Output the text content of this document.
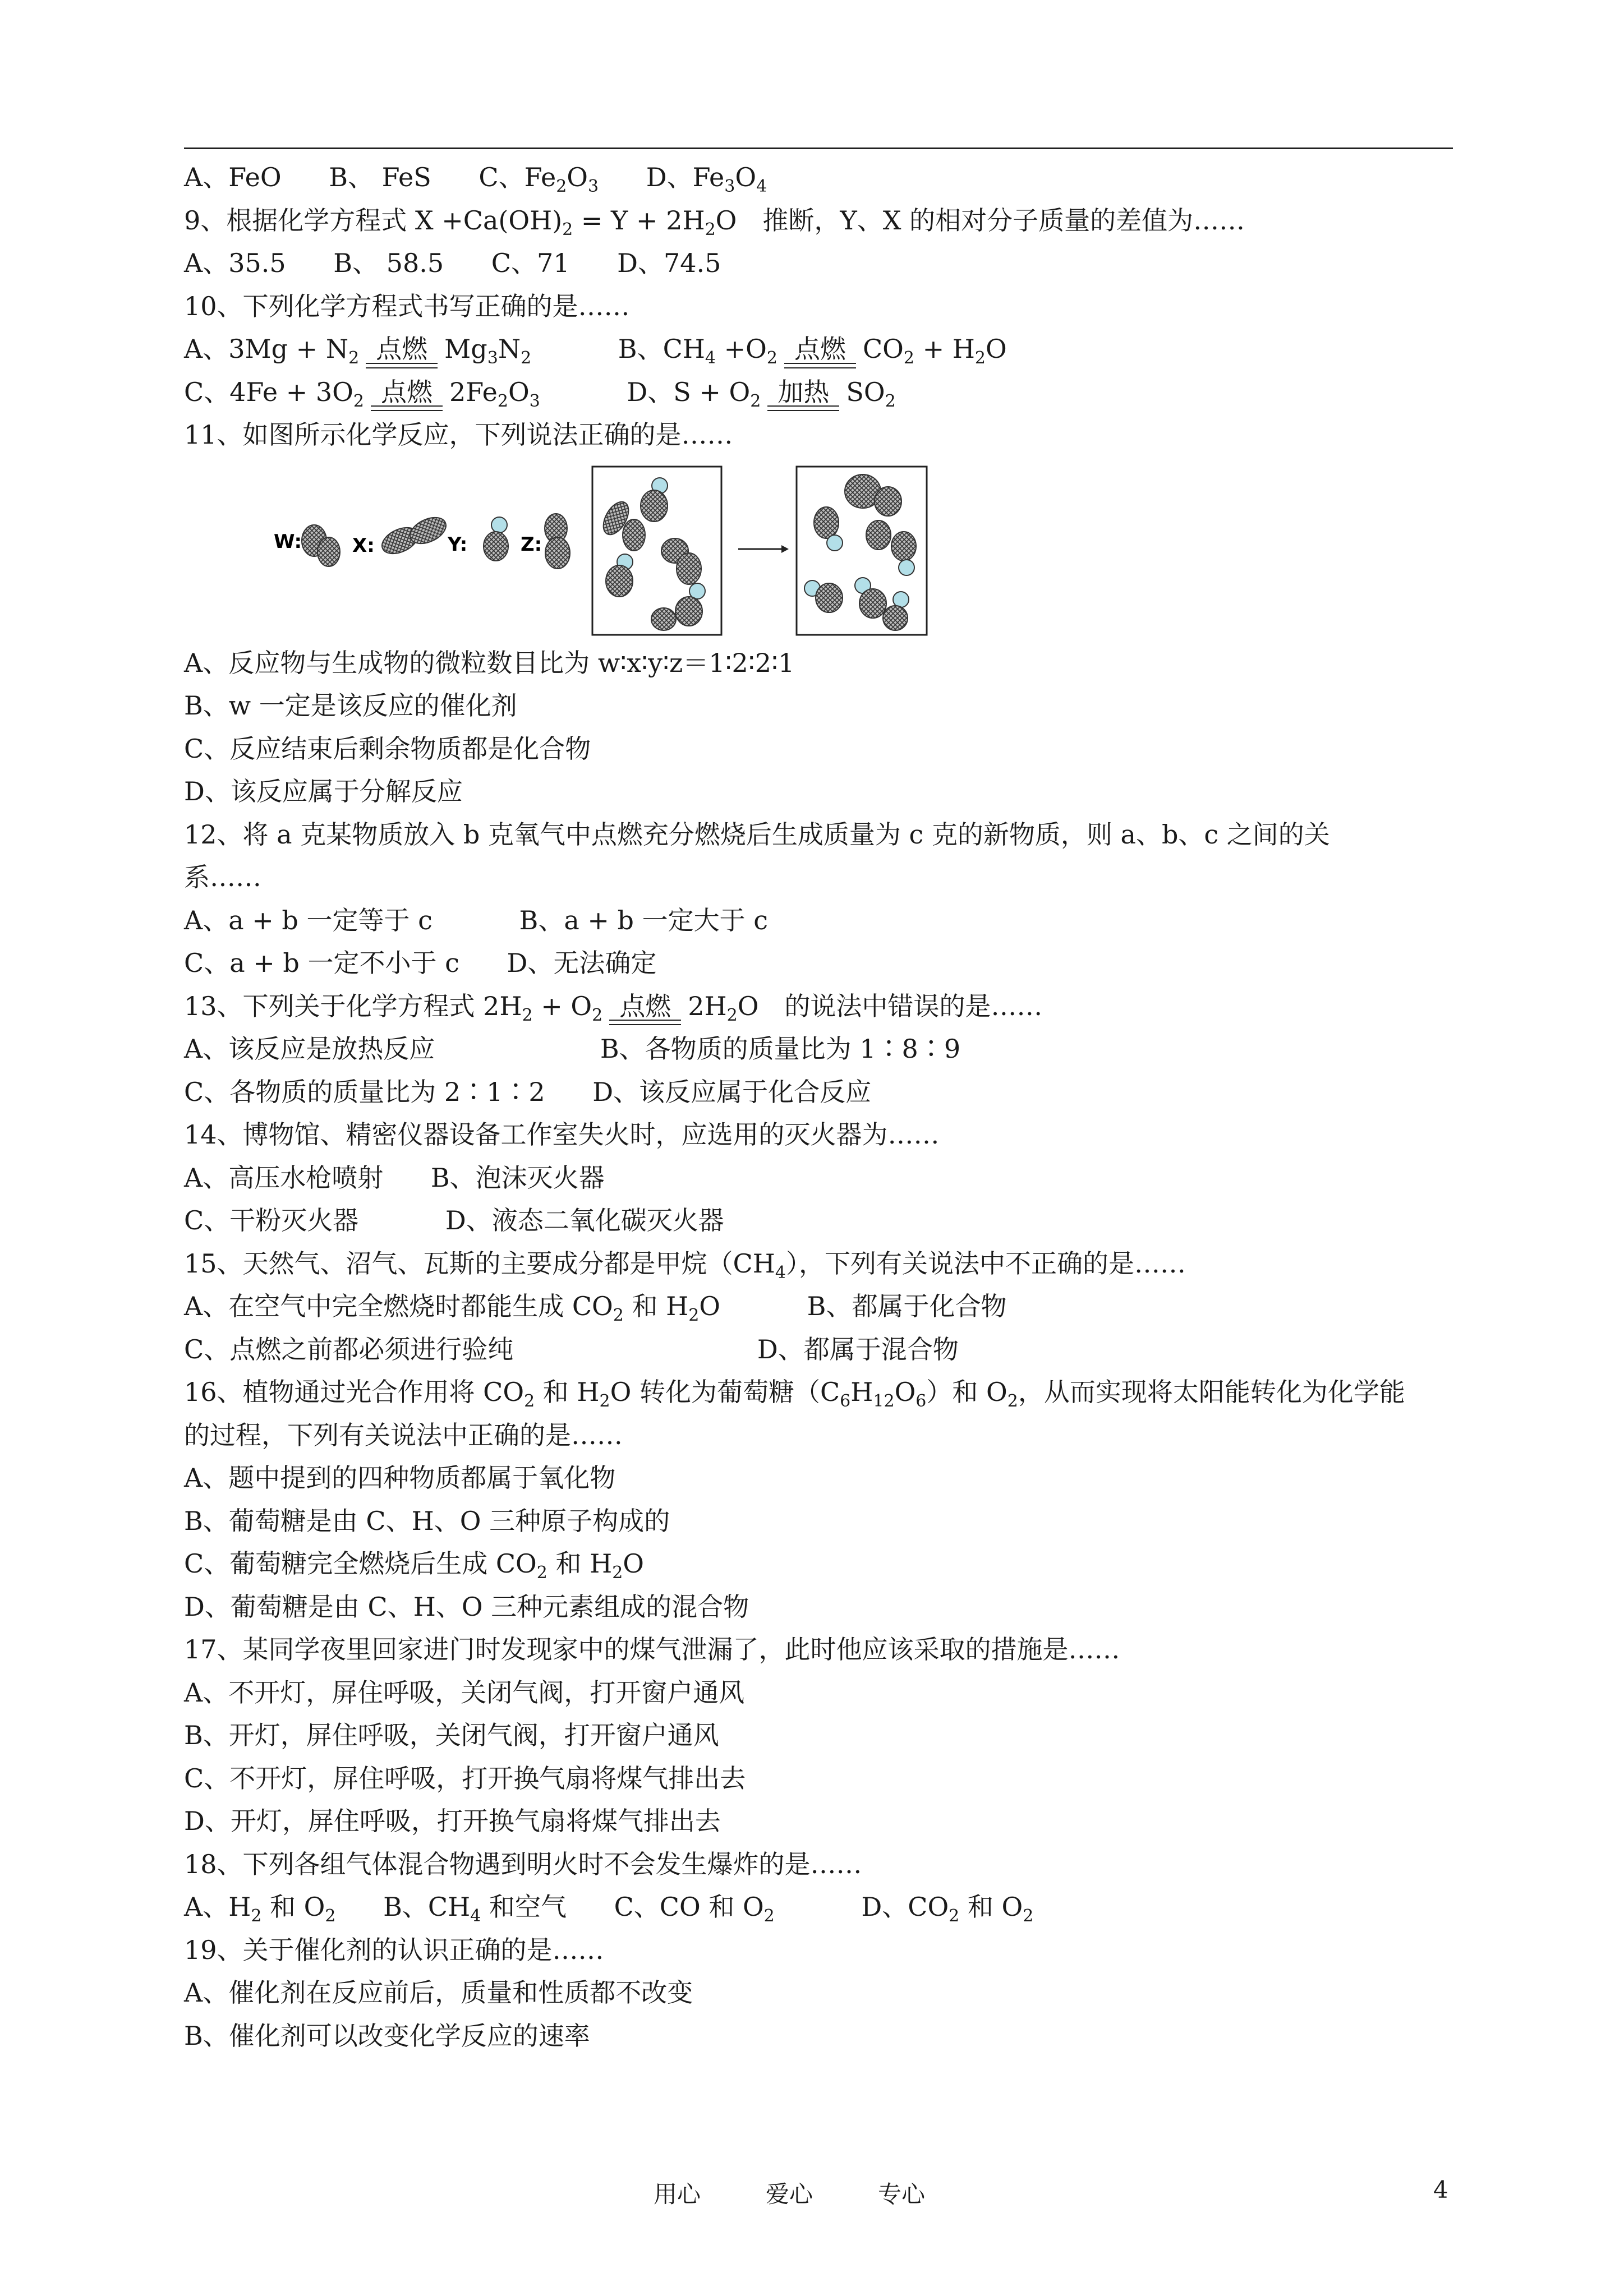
A、FeO B、 FeS C、$Fe_2O_3$ D、$Fe_3O_4$
9、根据化学方程式 $X +Ca(OH)_2 = Y + 2H_2O$　推断，Y、X 的相对分子质量的差值为……
A、35.5 B、 58.5 C、71 D、74.5
10、下列化学方程式书写正确的是……
A、$3Mg + N_2$ 点燃 $Mg_3N_2$	B、$CH_4 +O_2$ 点燃 $CO_2 + H_2O$
C、$4Fe + 3O_2$ 点燃 $2Fe_2O_3$	D、$S + O_2$ 加热 $SO_2$
11、如图所示化学反应，下列说法正确的是……
W:	X:	Y:	Z:
A、反应物与生成物的微粒数目比为 w∶x∶y∶z＝1∶2∶2∶1
B、w 一定是该反应的催化剂
C、反应结束后剩余物质都是化合物
D、该反应属于分解反应
12、将 a 克某物质放入 b 克氧气中点燃充分燃烧后生成质量为 c 克的新物质，则 a、b、c 之间的关
系……
A、a + b 一定等于 c	B、a + b 一定大于 c
C、a + b 一定不小于 c D、无法确定
13、下列关于化学方程式 $2H_2 + O_2$ 点燃 $2H_2O$　的说法中错误的是……
A、该反应是放热反应	B、各物质的质量比为 1∶8∶9
C、各物质的质量比为 2∶1∶2 D、该反应属于化合反应
14、博物馆、精密仪器设备工作室失火时，应选用的灭火器为……
A、高压水枪喷射 B、泡沫灭火器
C、干粉灭火器	D、液态二氧化碳灭火器
15、天然气、沼气、瓦斯的主要成分都是甲烷$(CH_4)$，下列有关说法中不正确的是……
A、在空气中完全燃烧时都能生成 $CO_2$ 和 $H_2O$	B、都属于化合物
C、点燃之前都必须进行验纯	D、都属于混合物
16、植物通过光合作用将 $CO_2$ 和 $H_2O$ 转化为葡萄糖$(C_6H_{12}O_6)$和 $O_2$，从而实现将太阳能转化为化学能
的过程，下列有关说法中正确的是……
A、题中提到的四种物质都属于氧化物
B、葡萄糖是由 C、H、O 三种原子构成的
C、葡萄糖完全燃烧后生成 $CO_2$ 和 $H_2O$
D、葡萄糖是由 C、H、O 三种元素组成的混合物
17、某同学夜里回家进门时发现家中的煤气泄漏了，此时他应该采取的措施是……
A、不开灯，屏住呼吸，关闭气阀，打开窗户通风
B、开灯，屏住呼吸，关闭气阀，打开窗户通风
C、不开灯，屏住呼吸，打开换气扇将煤气排出去
D、开灯，屏住呼吸，打开换气扇将煤气排出去
18、下列各组气体混合物遇到明火时不会发生爆炸的是……
A、$H_2$ 和 $O_2$ B、$CH_4$ 和空气 C、CO 和 $O_2$	D、$CO_2$ 和 $O_2$
19、关于催化剂的认识正确的是……
A、催化剂在反应前后，质量和性质都不改变
B、催化剂可以改变化学反应的速率
用心	爱心	专心	4
